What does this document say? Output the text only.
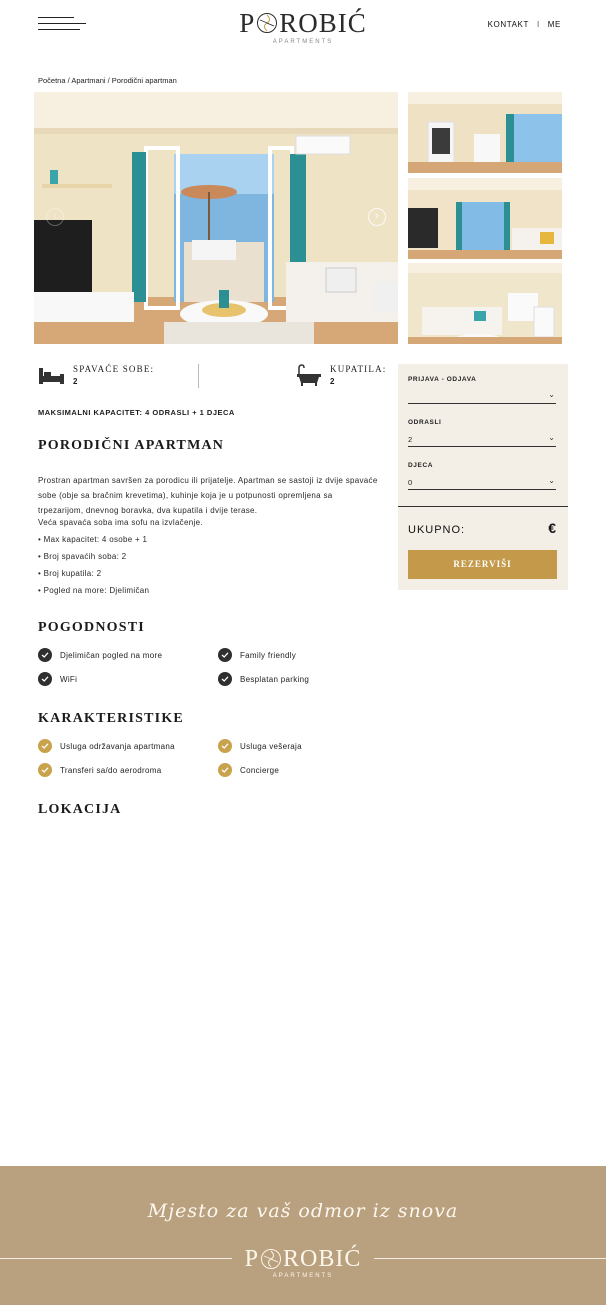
P ROBIĆ
APARTMENTS
KONTAKT I ME
Početna / Apartmani / Porodični apartman
›
‹
SPAVAĆE SOBE:
2
KUPATILA:
2
MAKSIMALNI KAPACITET: 4 ODRASLI + 1 DJECA
PORODIČNI APARTMAN
Prostran apartman savršen za porodicu ili prijatelje. Apartman se sastoji iz dvije spavaće sobe (obje sa bračnim krevetima), kuhinje koja je u potpunosti opremljena sa trpezarijom, dnevnog boravka, dva kupatila i dvije terase.
Veća spavaća soba ima sofu na izvlačenje.
• Max kapacitet: 4 osobe + 1
• Broj spavaćih soba: 2
• Broj kupatila: 2
• Pogled na more: Djelimičan
POGODNOSTI
Djelimičan pogled na more	Family friendly
WiFi	Besplatan parking
KARAKTERISTIKE
Usluga održavanja apartmana	Usluga vešeraja
Transferi sa/do aerodroma	Concierge
LOKACIJA
PRIJAVA - ODJAVA
⌄
ODRASLI
2	⌄
DJECA
0	⌄
UKUPNO:	€
REZERVIŠI
Mjesto za vaš odmor iz snova
P ROBIĆ
APARTMENTS
